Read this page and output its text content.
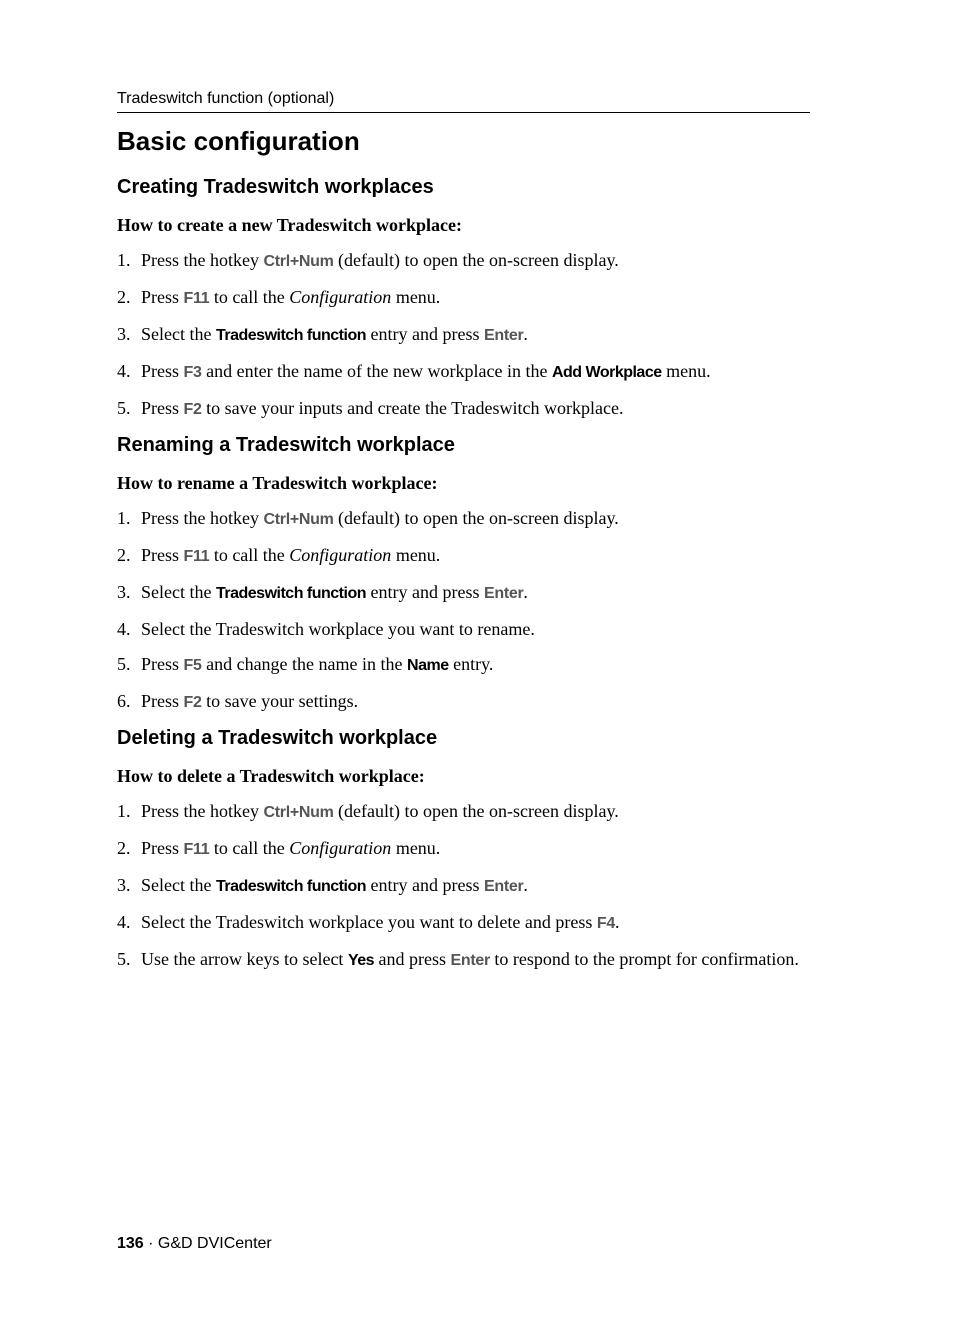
Tradeswitch function (optional)
Basic configuration
Creating Tradeswitch workplaces

How to create a new Tradeswitch workplace:

1. Press the hotkey Ctrl+Num (default) to open the on-screen display.
2. Press F11 to call the Configuration menu.
3. Select the Tradeswitch function entry and press Enter.
4. Press F3 and enter the name of the new workplace in the Add Workplace menu.
5. Press F2 to save your inputs and create the Tradeswitch workplace.
Renaming a Tradeswitch workplace

How to rename a Tradeswitch workplace:

1. Press the hotkey Ctrl+Num (default) to open the on-screen display.
2. Press F11 to call the Configuration menu.
3. Select the Tradeswitch function entry and press Enter.
4. Select the Tradeswitch workplace you want to rename.
5. Press F5 and change the name in the Name entry.
6. Press F2 to save your settings.
Deleting a Tradeswitch workplace

How to delete a Tradeswitch workplace:

1. Press the hotkey Ctrl+Num (default) to open the on-screen display.
2. Press F11 to call the Configuration menu.
3. Select the Tradeswitch function entry and press Enter.
4. Select the Tradeswitch workplace you want to delete and press F4.
5. Use the arrow keys to select Yes and press Enter to respond to the prompt for confirmation.
136 · G&D DVICenter
